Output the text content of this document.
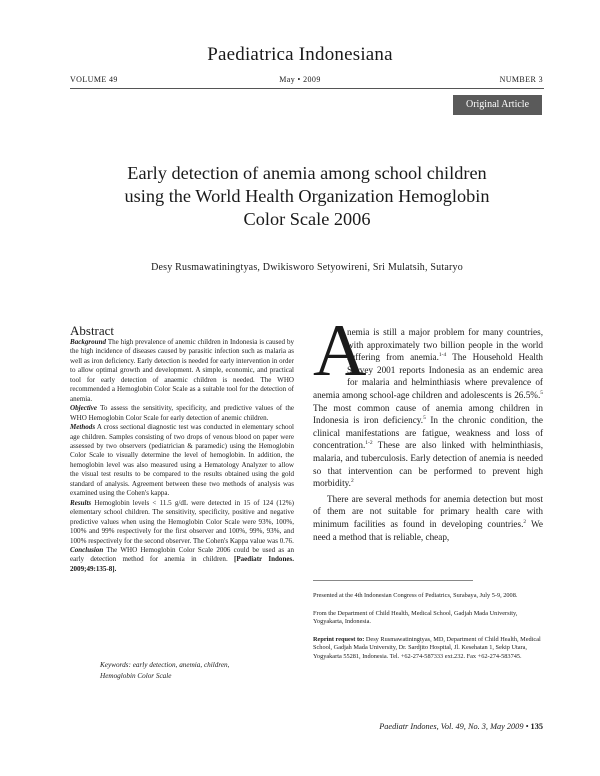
Paediatrica Indonesiana
VOLUME 49	May • 2009	NUMBER 3
Original Article
Early detection of anemia among school children
using the World Health Organization Hemoglobin
Color Scale 2006
Desy Rusmawatiningtyas, Dwikisworo Setyowireni, Sri Mulatsih, Sutaryo
Abstract

Background The high prevalence of anemic children in Indonesia is caused by the high incidence of diseases caused by parasitic infection such as malaria as well as iron deficiency. Early detection is needed for early intervention in order to allow optimal growth and development. A simple, economic, and practical tool for early detection of anaemic children is needed. The WHO recommended a Hemoglobin Color Scale as a suitable tool for the detection of anemia.

Objective To assess the sensitivity, specificity, and predictive values of the WHO Hemoglobin Color Scale for early detection of anemic children.

Methods A cross sectional diagnostic test was conducted in elementary school age children. Samples consisting of two drops of venous blood on paper were assessed by two observers (pediatrician & paramedic) using the Hemoglobin Color Scale to visually determine the level of hemoglobin. In addition, the hemoglobin level was also measured using a Hematology Analyzer to allow the visual test results to be compared to the results obtained using the gold standard of analysis. Agreement between these two methods of analysis was examined using the Cohen's kappa.

Results Hemoglobin levels < 11.5 g/dL were detected in 15 of 124 (12%) elementary school children. The sensitivity, specificity, positive and negative predictive values when using the Hemoglobin Color Scale were 93%, 100%, 100% and 99% respectively for the first observer and 100%, 99%, 93%, and 100% respectively for the second observer. The Cohen's Kappa value was 0.76.

Conclusion The WHO Hemoglobin Color Scale 2006 could be used as an early detection method for anemia in children. [Paediatr Indones. 2009;49:135-8].

Keywords: early detection, anemia, children,
Hemoglobin Color Scale
A

nemia is still a major problem for many countries, with approximately two billion people in the world suffering from anemia.$^{1-4}$ The Household Health Survey 2001 reports Indonesia as an endemic area for malaria and helminthiasis where prevalence of anemia among school-age children and adolescents is 26.5%.$^5$ The most common cause of anemia among children in Indonesia is iron deficiency.$^5$ In the chronic condition, the clinical manifestations are fatigue, weakness and loss of concentration.$^{1-2}$ These are also linked with helminthiasis, malaria, and tuberculosis. Early detection of anemia is needed so that intervention can be performed to prevent high morbidity.$^2$

There are several methods for anemia detection but most of them are not suitable for primary health care with minimum facilities as found in developing countries.$^2$ We need a method that is reliable, cheap,

Presented at the 4th Indonesian Congress of Pediatrics, Surabaya, July 5-9, 2008.

From the Department of Child Health, Medical School, Gadjah Mada University, Yogyakarta, Indonesia.

Reprint request to: Desy Rusmawatiningtyas, MD, Department of Child Health, Medical School, Gadjah Mada University, Dr. Sardjito Hospital, Jl. Kesehatan 1, Sekip Utara, Yogyakarta 55281, Indonesia. Tel. +62-274-587333 ext.232. Fax +62-274-583745.

Paediatr Indones, Vol. 49, No. 3, May 2009 • 135
